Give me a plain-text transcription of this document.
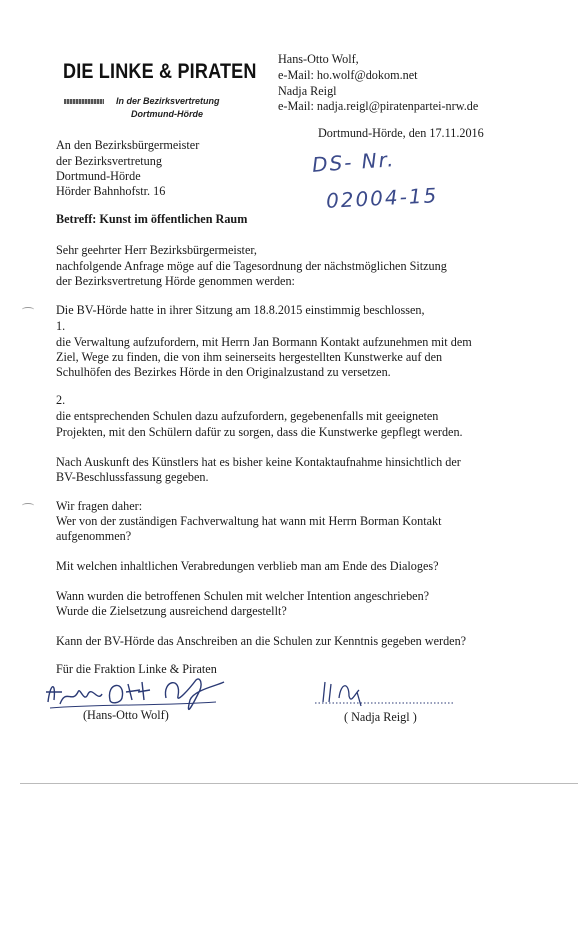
DIE LINKE & PIRATEN
In der Bezirksvertretung
Dortmund-Hörde
Hans-Otto Wolf,
e-Mail: ho.wolf@dokom.net
Nadja Reigl
e-Mail: nadja.reigl@piratenpartei-nrw.de
Dortmund-Hörde, den 17.11.2016
An den Bezirksbürgermeister
der Bezirksvertretung
Dortmund-Hörde
Hörder Bahnhofstr. 16
DS- Nr.
02004-15
Betreff: Kunst im öffentlichen Raum
Sehr geehrter Herr Bezirksbürgermeister,
nachfolgende Anfrage möge auf die Tagesordnung der nächstmöglichen Sitzung
der Bezirksvertretung Hörde genommen werden:
Die BV-Hörde hatte in ihrer Sitzung am 18.8.2015 einstimmig beschlossen,
1.
die Verwaltung aufzufordern, mit Herrn Jan Bormann Kontakt aufzunehmen mit dem
Ziel, Wege zu finden, die von ihm seinerseits hergestellten Kunstwerke auf den
Schulhöfen des Bezirkes Hörde in den Originalzustand zu versetzen.
2.
die entsprechenden Schulen dazu aufzufordern, gegebenenfalls mit geeigneten
Projekten, mit den Schülern dafür zu sorgen, dass die Kunstwerke gepflegt werden.
Nach Auskunft des Künstlers hat es bisher keine Kontaktaufnahme hinsichtlich der
BV-Beschlussfassung gegeben.
Wir fragen daher:
Wer von der zuständigen Fachverwaltung hat wann mit Herrn Borman Kontakt
aufgenommen?
Mit welchen inhaltlichen Verabredungen verblieb man am Ende des Dialoges?
Wann wurden die betroffenen Schulen mit welcher Intention angeschrieben?
Wurde die Zielsetzung ausreichend dargestellt?
Kann der BV-Hörde das Anschreiben an die Schulen zur Kenntnis gegeben werden?
Für die Fraktion Linke & Piraten
(Hans-Otto Wolf)	( Nadja Reigl )
